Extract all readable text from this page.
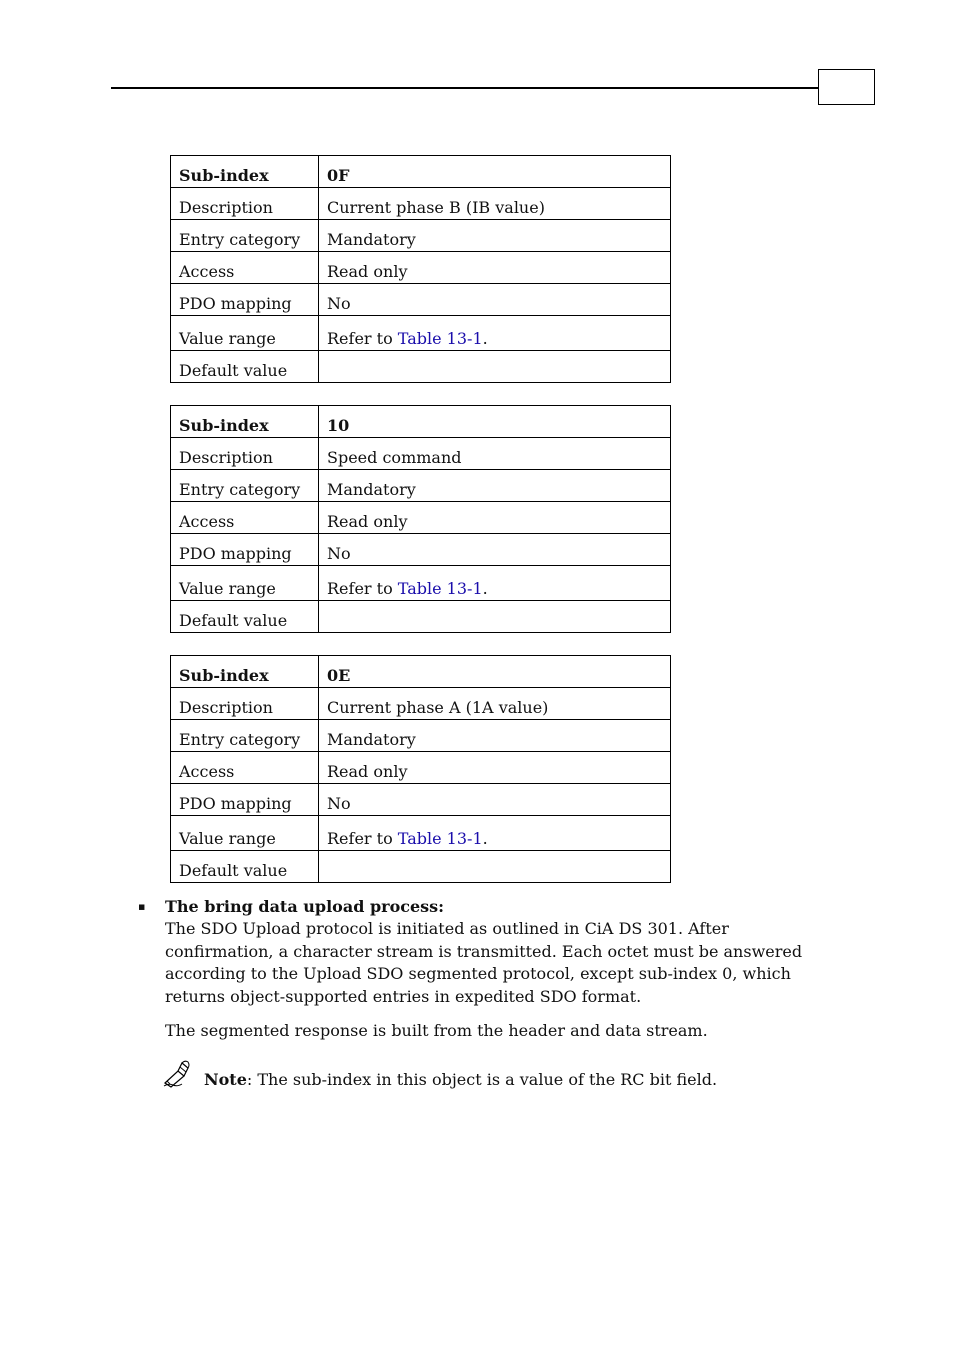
Sub-index	0F
Description	Current phase B (IB value)
Entry category	Mandatory
Access	Read only
PDO mapping	No
Value range	Refer to Table 13-1.
Default value	
Sub-index	10
Description	Speed command
Entry category	Mandatory
Access	Read only
PDO mapping	No
Value range	Refer to Table 13-1.
Default value	
Sub-index	0E
Description	Current phase A (1A value)
Entry category	Mandatory
Access	Read only
PDO mapping	No
Value range	Refer to Table 13-1.
Default value	
▪ The bring data upload process:
The SDO Upload protocol is initiated as outlined in CiA DS 301. After confirmation, a character stream is transmitted. Each octet must be answered according to the Upload SDO segmented protocol, except sub-index 0, which returns object-supported entries in expedited SDO format.
The segmented response is built from the header and data stream.
Note: The sub-index in this object is a value of the RC bit field.
